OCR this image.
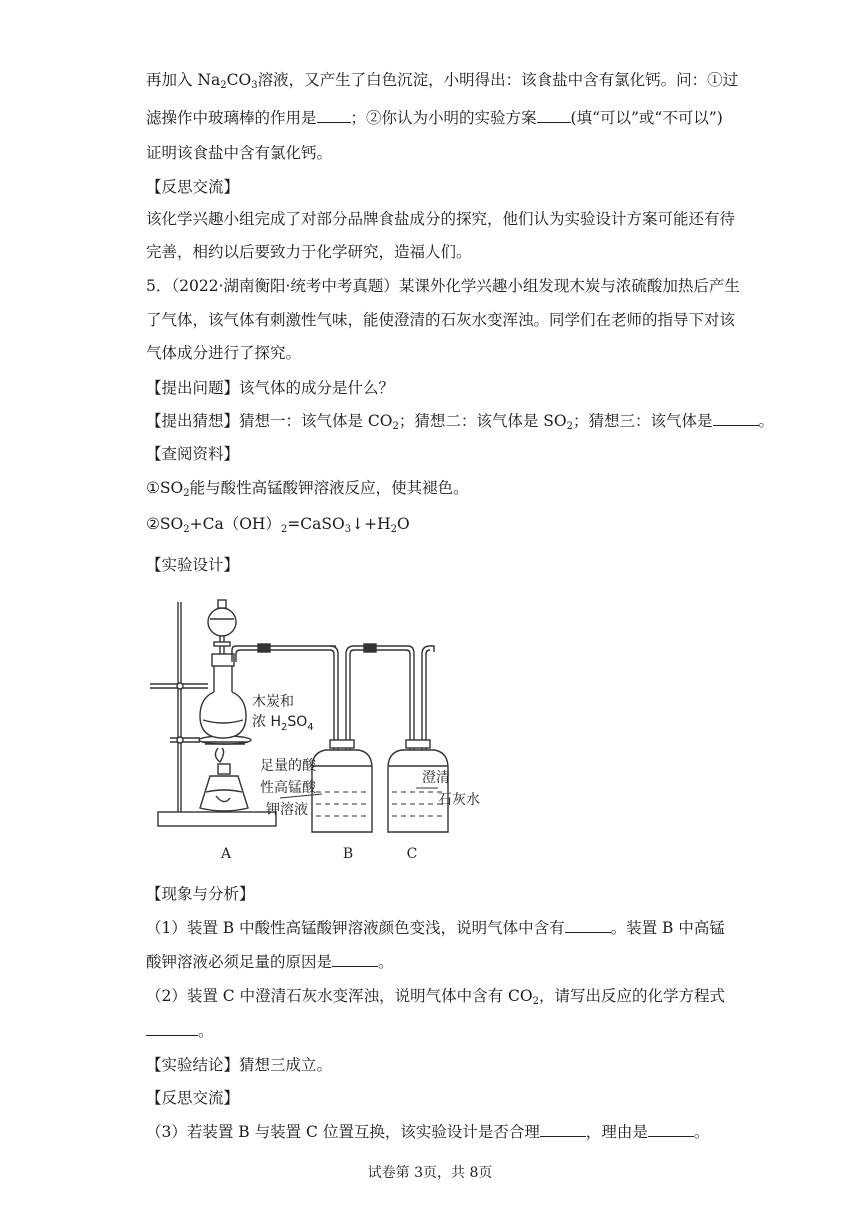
再加入 $Na_2CO_3$溶液，又产生了白色沉淀，小明得出：该食盐中含有氯化钙。问：①过
滤操作中玻璃棒的作用是 ；②你认为小明的实验方案 (填“可以”或“不可以”)
证明该食盐中含有氯化钙。
【反思交流】
该化学兴趣小组完成了对部分品牌食盐成分的探究，他们认为实验设计方案可能还有待
完善，相约以后要致力于化学研究，造福人们。
5．（2022·湖南衡阳·统考中考真题）某课外化学兴趣小组发现木炭与浓硫酸加热后产生
了气体，该气体有刺激性气味，能使澄清的石灰水变浑浊。同学们在老师的指导下对该
气体成分进行了探究。
【提出问题】该气体的成分是什么？
【提出猜想】猜想一：该气体是 $CO_2$；猜想二：该气体是 $SO_2$；猜想三：该气体是	。
【查阅资料】
$①SO_2$能与酸性高锰酸钾溶液反应，使其褪色。
$②SO_2+Ca(OH)_2=CaSO_3↓+H_2O$
【实验设计】
木炭和
浓 $H_2SO_4$
足量的酸
性高锰酸
钾溶液
澄清
石灰水
A	B	C
【现象与分析】
（1）装置 B 中酸性高锰酸钾溶液颜色变浅，说明气体中含有	。装置 B 中高锰
酸钾溶液必须足量的原因是	。
（2）装置 C 中澄清石灰水变浑浊，说明气体中含有 $CO_2$，请写出反应的化学方程式
。
【实验结论】猜想三成立。
【反思交流】
（3）若装置 B 与装置 C 位置互换，该实验设计是否合理	，理由是	。
试卷第 3页，共 8页
